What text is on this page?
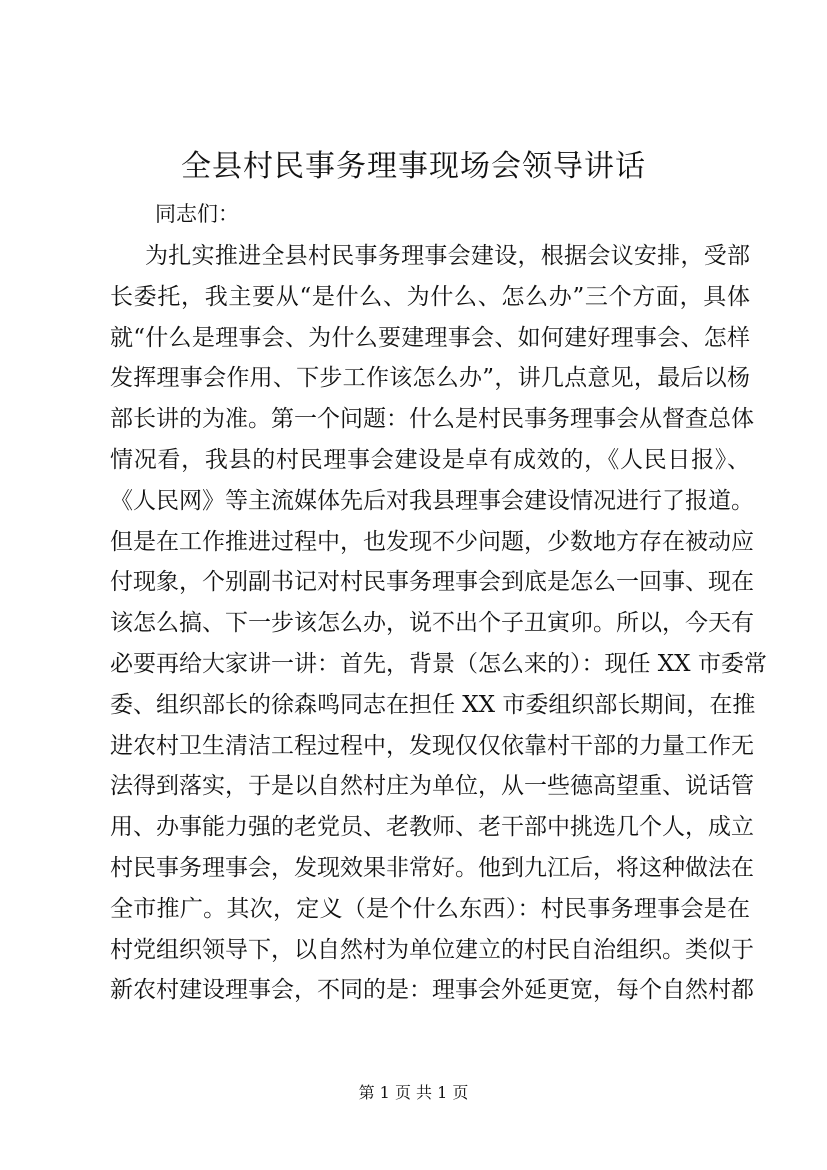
全县村民事务理事现场会领导讲话

同志们：

为扎实推进全县村民事务理事会建设，根据会议安排，受部
长委托，我主要从“是什么、为什么、怎么办”三个方面，具体
就“什么是理事会、为什么要建理事会、如何建好理事会、怎样
发挥理事会作用、下步工作该怎么办”，讲几点意见，最后以杨
部长讲的为准。第一个问题：什么是村民事务理事会从督查总体
情况看，我县的村民理事会建设是卓有成效的，《人民日报》、
《人民网》等主流媒体先后对我县理事会建设情况进行了报道。
但是在工作推进过程中，也发现不少问题，少数地方存在被动应
付现象，个别副书记对村民事务理事会到底是怎么一回事、现在
该怎么搞、下一步该怎么办，说不出个子丑寅卯。所以，今天有
必要再给大家讲一讲：首先，背景（怎么来的）：现任 XX 市委常
委、组织部长的徐森鸣同志在担任 XX 市委组织部长期间，在推
进农村卫生清洁工程过程中，发现仅仅依靠村干部的力量工作无
法得到落实，于是以自然村庄为单位，从一些德高望重、说话管
用、办事能力强的老党员、老教师、老干部中挑选几个人，成立
村民事务理事会，发现效果非常好。他到九江后，将这种做法在
全市推广。其次，定义（是个什么东西）：村民事务理事会是在
村党组织领导下，以自然村为单位建立的村民自治组织。类似于
新农村建设理事会，不同的是：理事会外延更宽，每个自然村都
第 1 页 共 1 页
